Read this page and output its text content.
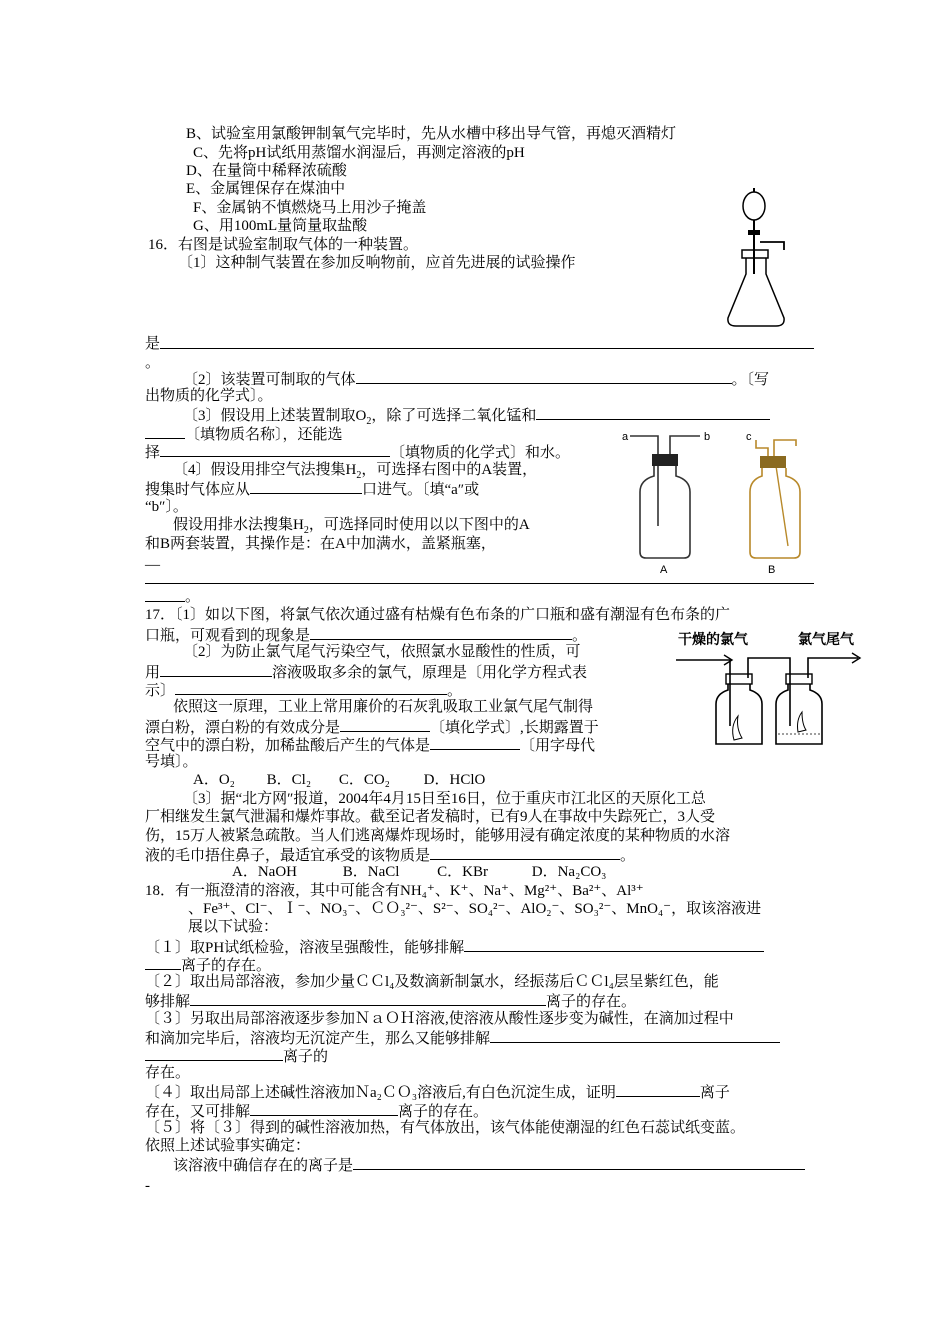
B、试验室用氯酸钾制氧气完毕时，先从水槽中移出导气管，再熄灭酒精灯
C、先将pH试纸用蒸馏水润湿后，再测定溶液的pH
D、在量筒中稀释浓硫酸
E、金属锂保存在煤油中
F、金属钠不慎燃烧马上用沙子掩盖
G、用100mL量筒量取盐酸
16．右图是试验室制取气体的一种装置。
〔1〕这种制气装置在参加反响物前，应首先进展的试验操作
是
。
〔2〕该装置可制取的气体	。〔写
出物质的化学式〕。
〔3〕假设用上述装置制取$O_2$，除了可选择二氧化锰和
〔填物质名称〕，还能选
择	〔填物质的化学式〕和水。
a	b	c
A	B
〔4〕假设用排空气法搜集$H_2$，可选择右图中的A装置，
搜集时气体应从	口进气。〔填“a″或
“b″〕。
假设用排水法搜集$H_2$，可选择同时使用以以下图中的A
和B两套装置，其操作是：在A中加满水，盖紧瓶塞，
—
。
17．〔1〕如以下图，将氯气依次通过盛有枯燥有色布条的广口瓶和盛有潮湿有色布条的广
口瓶，可观看到的现象是	。	干燥的氯气	氯气尾气
〔2〕为防止氯气尾气污染空气，依照氯水显酸性的性质，可
用	溶液吸取多余的氯气，原理是〔用化学方程式表
示〕	。
依照这一原理，工业上常用廉价的石灰乳吸取工业氯气尾气制得
漂白粉，漂白粉的有效成分是	〔填化学式〕,长期露置于
空气中的漂白粉，加稀盐酸后产生的气体是	〔用字母代
号填〕。
A．O₂ B．Cl₂ C．CO₂ D．HClO
〔3〕据“北方网″报道，2004年4月15日至16日，位于重庆市江北区的天原化工总
厂相继发生氯气泄漏和爆炸事故。截至记者发稿时，已有9人在事故中失踪死亡，3人受
伤，15万人被紧急疏散。当人们逃离爆炸现场时，能够用浸有确定浓度的某种物质的水溶
液的毛巾捂住鼻子，最适宜承受的该物质是	。
A．NaOH	B．NaCl	C．KBr	D．Na₂CO₃
18．有一瓶澄清的溶液，其中可能含有NH₄⁺、K⁺、Na⁺、Mg²⁺、Ba²⁺、Al³⁺
、Fe³⁺、Cl⁻、Ｉ⁻、NO₃⁻、ＣＯ₃²⁻、S²⁻、SO₄²⁻、AlO₂⁻、SO₃²⁻、MnO₄⁻，取该溶液进
展以下试验：
〔１〕取PH试纸检验，溶液呈强酸性，能够排解
离子的存在。
〔２〕取出局部溶液，参加少量ＣＣl₄及数滴新制氯水，经振荡后ＣＣl₄层呈紫红色，能
够排解	离子的存在。
〔３〕另取出局部溶液逐步参加ＮａＯＨ溶液,使溶液从酸性逐步变为碱性，在滴加过程中
和滴加完毕后，溶液均无沉淀产生，那么又能够排解
离子的
存在。
〔４〕取出局部上述碱性溶液加Ｎa₂ＣＯ₃溶液后,有白色沉淀生成，证明	离子
存在，又可排解	离子的存在。
〔５〕将〔３〕得到的碱性溶液加热，有气体放出，该气体能使潮湿的红色石蕊试纸变蓝。
依照上述试验事实确定：
该溶液中确信存在的离子是
-
